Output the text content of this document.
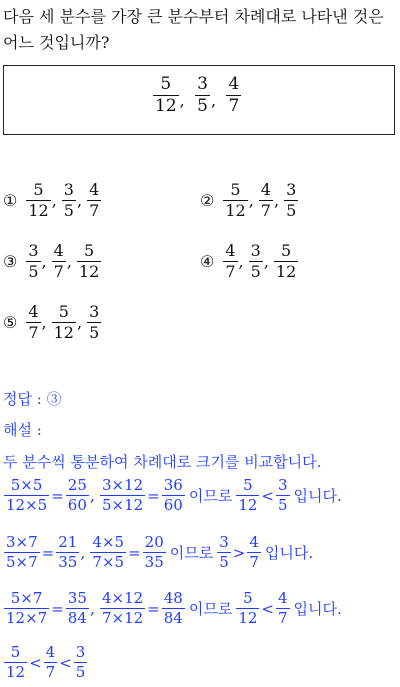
다음 세 분수를 가장 큰 분수부터 차례대로 나타낸 것은 어느 것입니까?
$\frac{5}{12}$ , $\frac{3}{5}$ , $\frac{4}{7}$
① $\frac{5}{12}$ , $\frac{3}{5}$ , $\frac{4}{7}$	② $\frac{5}{12}$ , $\frac{4}{7}$ , $\frac{3}{5}$
③ $\frac{3}{5}$ , $\frac{4}{7}$ , $\frac{5}{12}$	④ $\frac{4}{7}$ , $\frac{3}{5}$ , $\frac{5}{12}$
⑤ $\frac{4}{7}$ , $\frac{5}{12}$ , $\frac{3}{5}$
정답 : ③
해설 :
두 분수씩 통분하여 차례대로 크기를 비교합니다.
$\frac{5\times 5}{12\times 5} = \frac{25}{60}$ , $\frac{3\times 12}{5\times 12} = \frac{36}{60}$ 이므로 $\frac{5}{12} < \frac{3}{5}$ 입니다.
$\frac{3\times 7}{5\times 7} = \frac{21}{35}$ , $\frac{4\times 5}{7\times 5} = \frac{20}{35}$ 이므로 $\frac{3}{5} > \frac{4}{7}$ 입니다.
$\frac{5\times 7}{12\times 7} = \frac{35}{84}$ , $\frac{4\times 12}{7\times 12} = \frac{48}{84}$ 이므로 $\frac{5}{12} < \frac{4}{7}$ 입니다.
$\frac{5}{12} < \frac{4}{7} < \frac{3}{5}$
